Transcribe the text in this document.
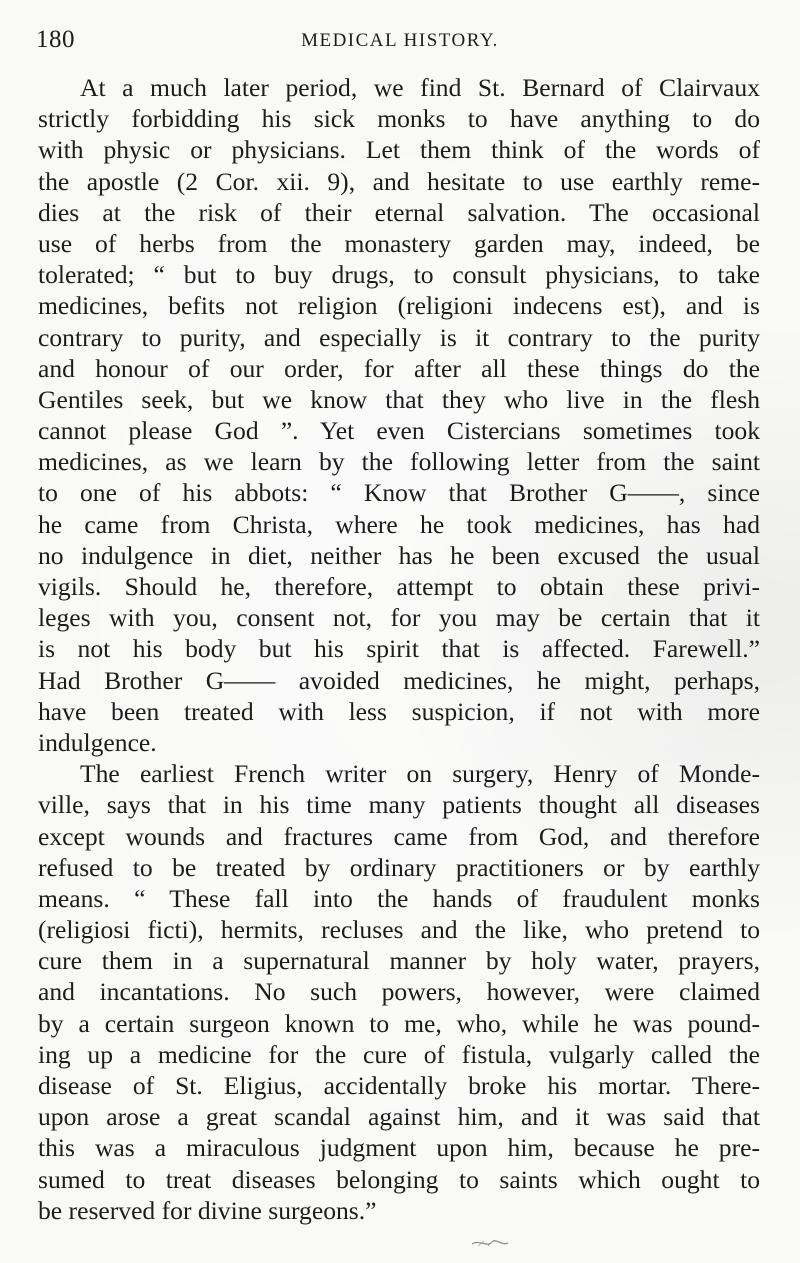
180	MEDICAL HISTORY.
At a much later period, we find St. Bernard of Clairvaux
strictly forbidding his sick monks to have anything to do
with physic or physicians. Let them think of the words of
the apostle (2 Cor. xii. 9), and hesitate to use earthly reme-
dies at the risk of their eternal salvation. The occasional
use of herbs from the monastery garden may, indeed, be
tolerated; “ but to buy drugs, to consult physicians, to take
medicines, befits not religion (religioni indecens est), and is
contrary to purity, and especially is it contrary to the purity
and honour of our order, for after all these things do the
Gentiles seek, but we know that they who live in the flesh
cannot please God ”. Yet even Cistercians sometimes took
medicines, as we learn by the following letter from the saint
to one of his abbots: “ Know that Brother G——, since
he came from Christa, where he took medicines, has had
no indulgence in diet, neither has he been excused the usual
vigils. Should he, therefore, attempt to obtain these privi-
leges with you, consent not, for you may be certain that it
is not his body but his spirit that is affected. Farewell.”
Had Brother G—— avoided medicines, he might, perhaps,
have been treated with less suspicion, if not with more
indulgence.
The earliest French writer on surgery, Henry of Monde-
ville, says that in his time many patients thought all diseases
except wounds and fractures came from God, and therefore
refused to be treated by ordinary practitioners or by earthly
means. “ These fall into the hands of fraudulent monks
(religiosi ficti), hermits, recluses and the like, who pretend to
cure them in a supernatural manner by holy water, prayers,
and incantations. No such powers, however, were claimed
by a certain surgeon known to me, who, while he was pound-
ing up a medicine for the cure of fistula, vulgarly called the
disease of St. Eligius, accidentally broke his mortar. There-
upon arose a great scandal against him, and it was said that
this was a miraculous judgment upon him, because he pre-
sumed to treat diseases belonging to saints which ought to
be reserved for divine surgeons.”
